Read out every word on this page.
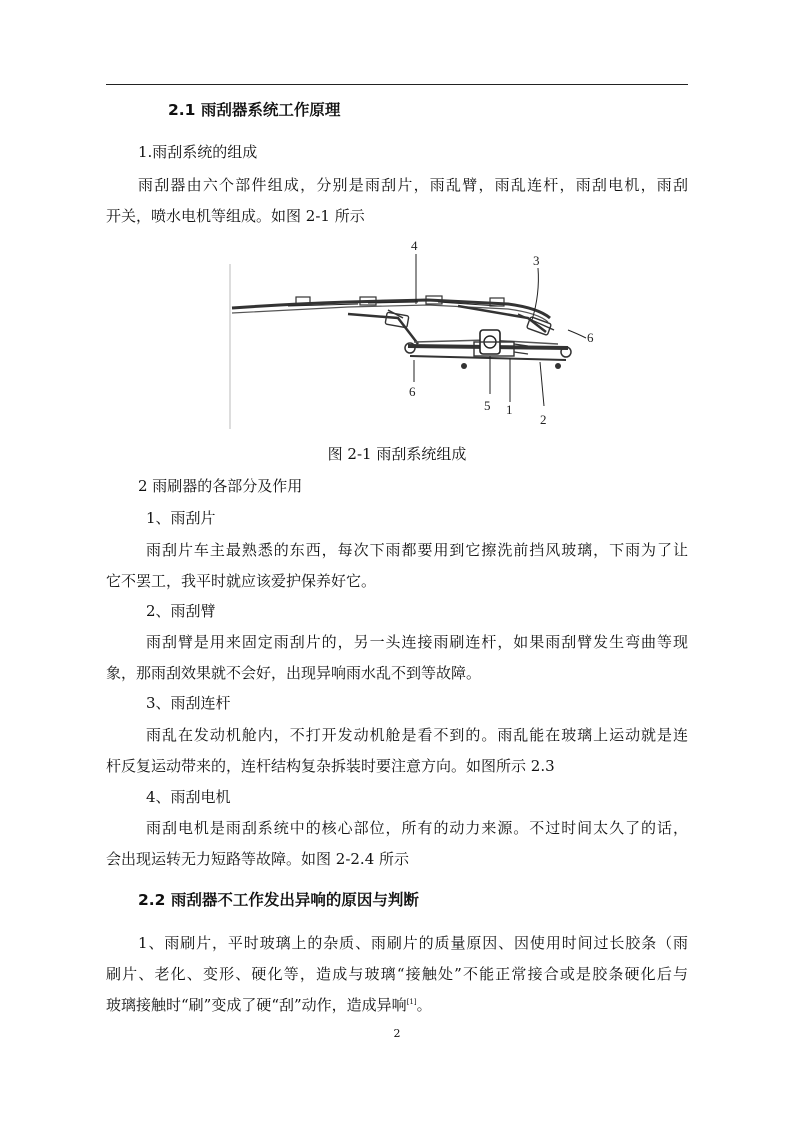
2.1 雨刮器系统工作原理
1.雨刮系统的组成
雨刮器由六个部件组成，分别是雨刮片，雨乱臂，雨乱连杆，雨刮电机，雨刮
开关，喷水电机等组成。如图 2-1 所示
4
3
6
6
5 1
2
图 2-1 雨刮系统组成
2 雨刷器的各部分及作用
1、雨刮片
雨刮片车主最熟悉的东西，每次下雨都要用到它擦洗前挡风玻璃，下雨为了让
它不罢工，我平时就应该爱护保养好它。
2、雨刮臂
雨刮臂是用来固定雨刮片的，另一头连接雨刷连杆，如果雨刮臂发生弯曲等现
象，那雨刮效果就不会好，出现异响雨水乱不到等故障。
3、雨刮连杆
雨乱在发动机舱内，不打开发动机舱是看不到的。雨乱能在玻璃上运动就是连
杆反复运动带来的，连杆结构复杂拆装时要注意方向。如图所示 2.3
4、雨刮电机
雨刮电机是雨刮系统中的核心部位，所有的动力来源。不过时间太久了的话，
会出现运转无力短路等故障。如图 2-2.4 所示
2.2 雨刮器不工作发出异响的原因与判断
1、雨刷片，平时玻璃上的杂质、雨刷片的质量原因、因使用时间过长胶条（雨
刷片、老化、变形、硬化等，造成与玻璃“接触处”不能正常接合或是胶条硬化后与
玻璃接触时“刷”变成了硬“刮”动作，造成异响[1]。
2
